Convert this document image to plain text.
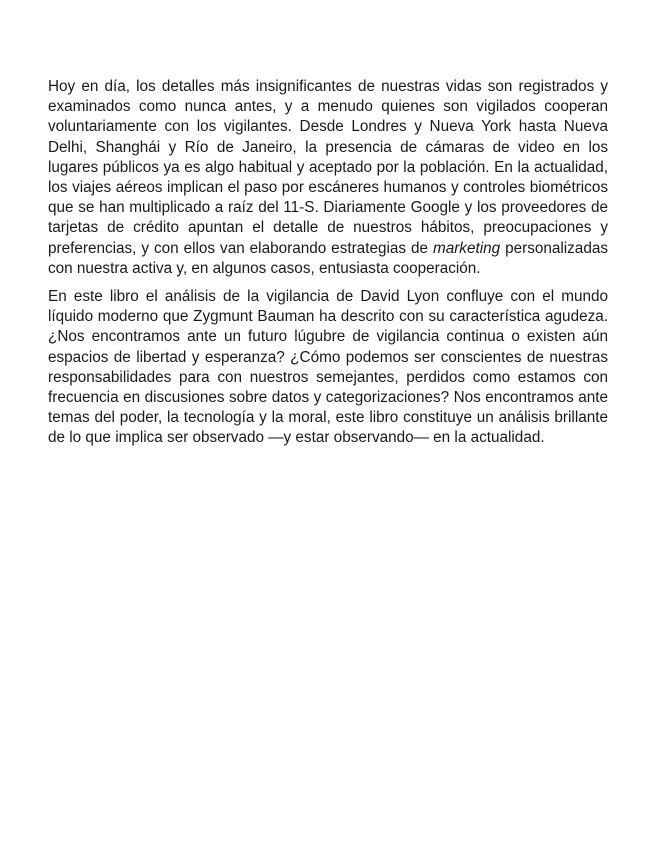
Hoy en día, los detalles más insignificantes de nuestras vidas son registrados y examinados como nunca antes, y a menudo quienes son vigilados cooperan voluntariamente con los vigilantes. Desde Londres y Nueva York hasta Nueva Delhi, Shanghái y Río de Janeiro, la presencia de cámaras de video en los lugares públicos ya es algo habitual y aceptado por la población. En la actualidad, los viajes aéreos implican el paso por escáneres humanos y controles biométricos que se han multiplicado a raíz del 11-S. Diariamente Google y los proveedores de tarjetas de crédito apuntan el detalle de nuestros hábitos, preocupaciones y preferencias, y con ellos van elaborando estrategias de marketing personalizadas con nuestra activa y, en algunos casos, entusiasta cooperación.

En este libro el análisis de la vigilancia de David Lyon confluye con el mundo líquido moderno que Zygmunt Bauman ha descrito con su característica agudeza. ¿Nos encontramos ante un futuro lúgubre de vigilancia continua o existen aún espacios de libertad y esperanza? ¿Cómo podemos ser conscientes de nuestras responsabilidades para con nuestros semejantes, perdidos como estamos con frecuencia en discusiones sobre datos y categorizaciones? Nos encontramos ante temas del poder, la tecnología y la moral, este libro constituye un análisis brillante de lo que implica ser observado —y estar observando— en la actualidad.
